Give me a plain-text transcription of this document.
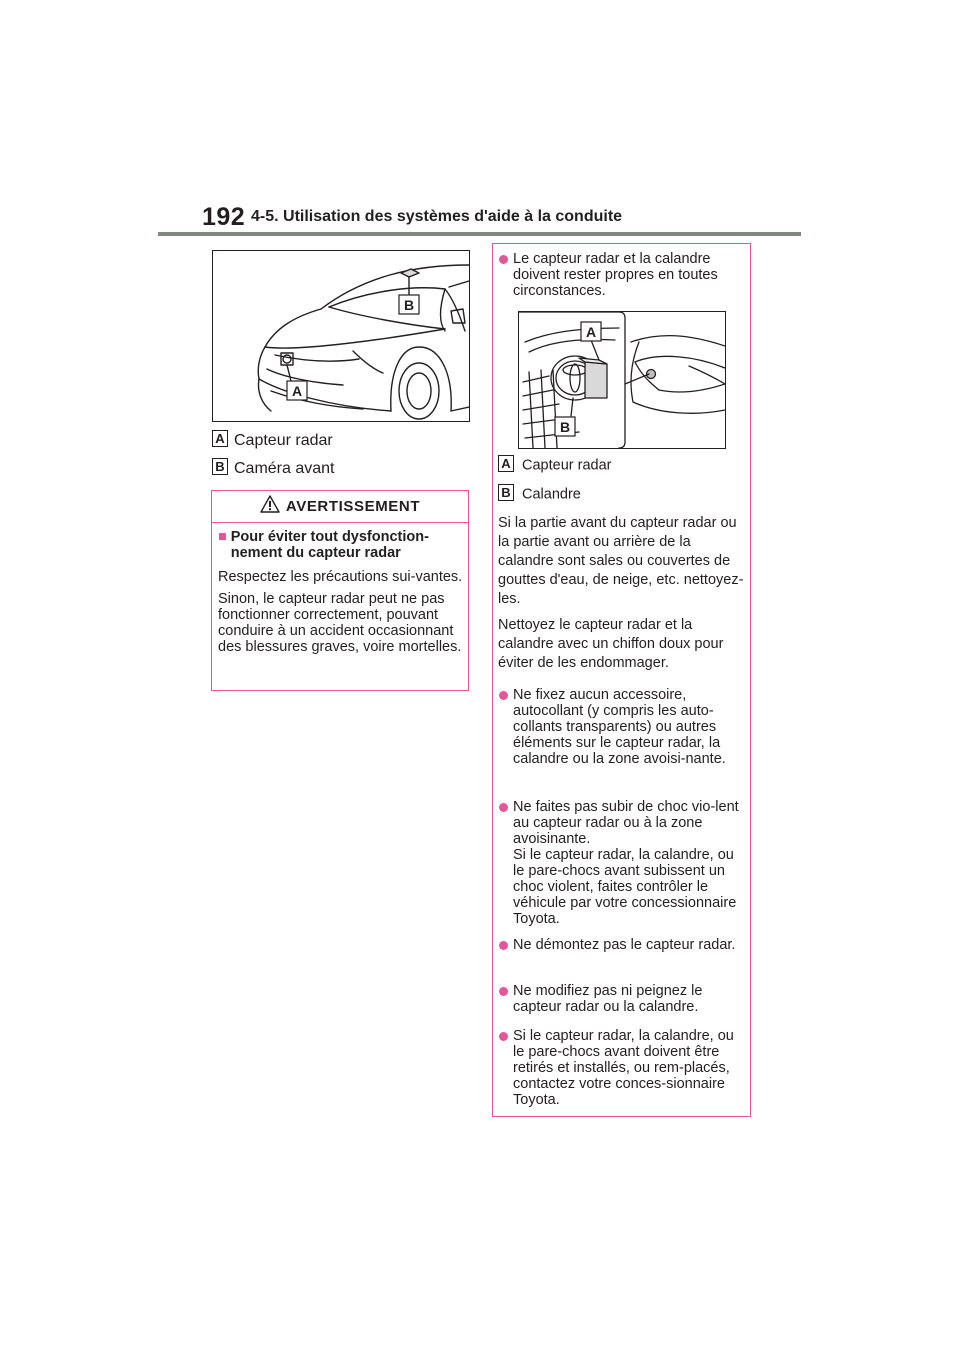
192 4-5. Utilisation des systèmes d'aide à la conduite
B
A
A Capteur radar
B Caméra avant
AVERTISSEMENT

■ Pour éviter tout dysfonction-nement du capteur radar

Respectez les précautions sui-vantes.

Sinon, le capteur radar peut ne pas fonctionner correctement, pouvant conduire à un accident occasionnant des blessures graves, voire mortelles.

Le capteur radar et la calandre doivent rester propres en toutes circonstances.
A
B
A Capteur radar
B Calandre
Si la partie avant du capteur radar ou la partie avant ou arrière de la calandre sont sales ou couvertes de gouttes d'eau, de neige, etc. nettoyez-les.
Nettoyez le capteur radar et la calandre avec un chiffon doux pour éviter de les endommager.
Ne fixez aucun accessoire, autocollant (y compris les auto-collants transparents) ou autres éléments sur le capteur radar, la calandre ou la zone avoisi-nante.
Ne faites pas subir de choc vio-lent au capteur radar ou à la zone avoisinante.
Si le capteur radar, la calandre, ou le pare-chocs avant subissent un choc violent, faites contrôler le véhicule par votre concessionnaire Toyota.
Ne démontez pas le capteur radar.
Ne modifiez pas ni peignez le capteur radar ou la calandre.
Si le capteur radar, la calandre, ou le pare-chocs avant doivent être retirés et installés, ou rem-placés, contactez votre conces-sionnaire Toyota.
